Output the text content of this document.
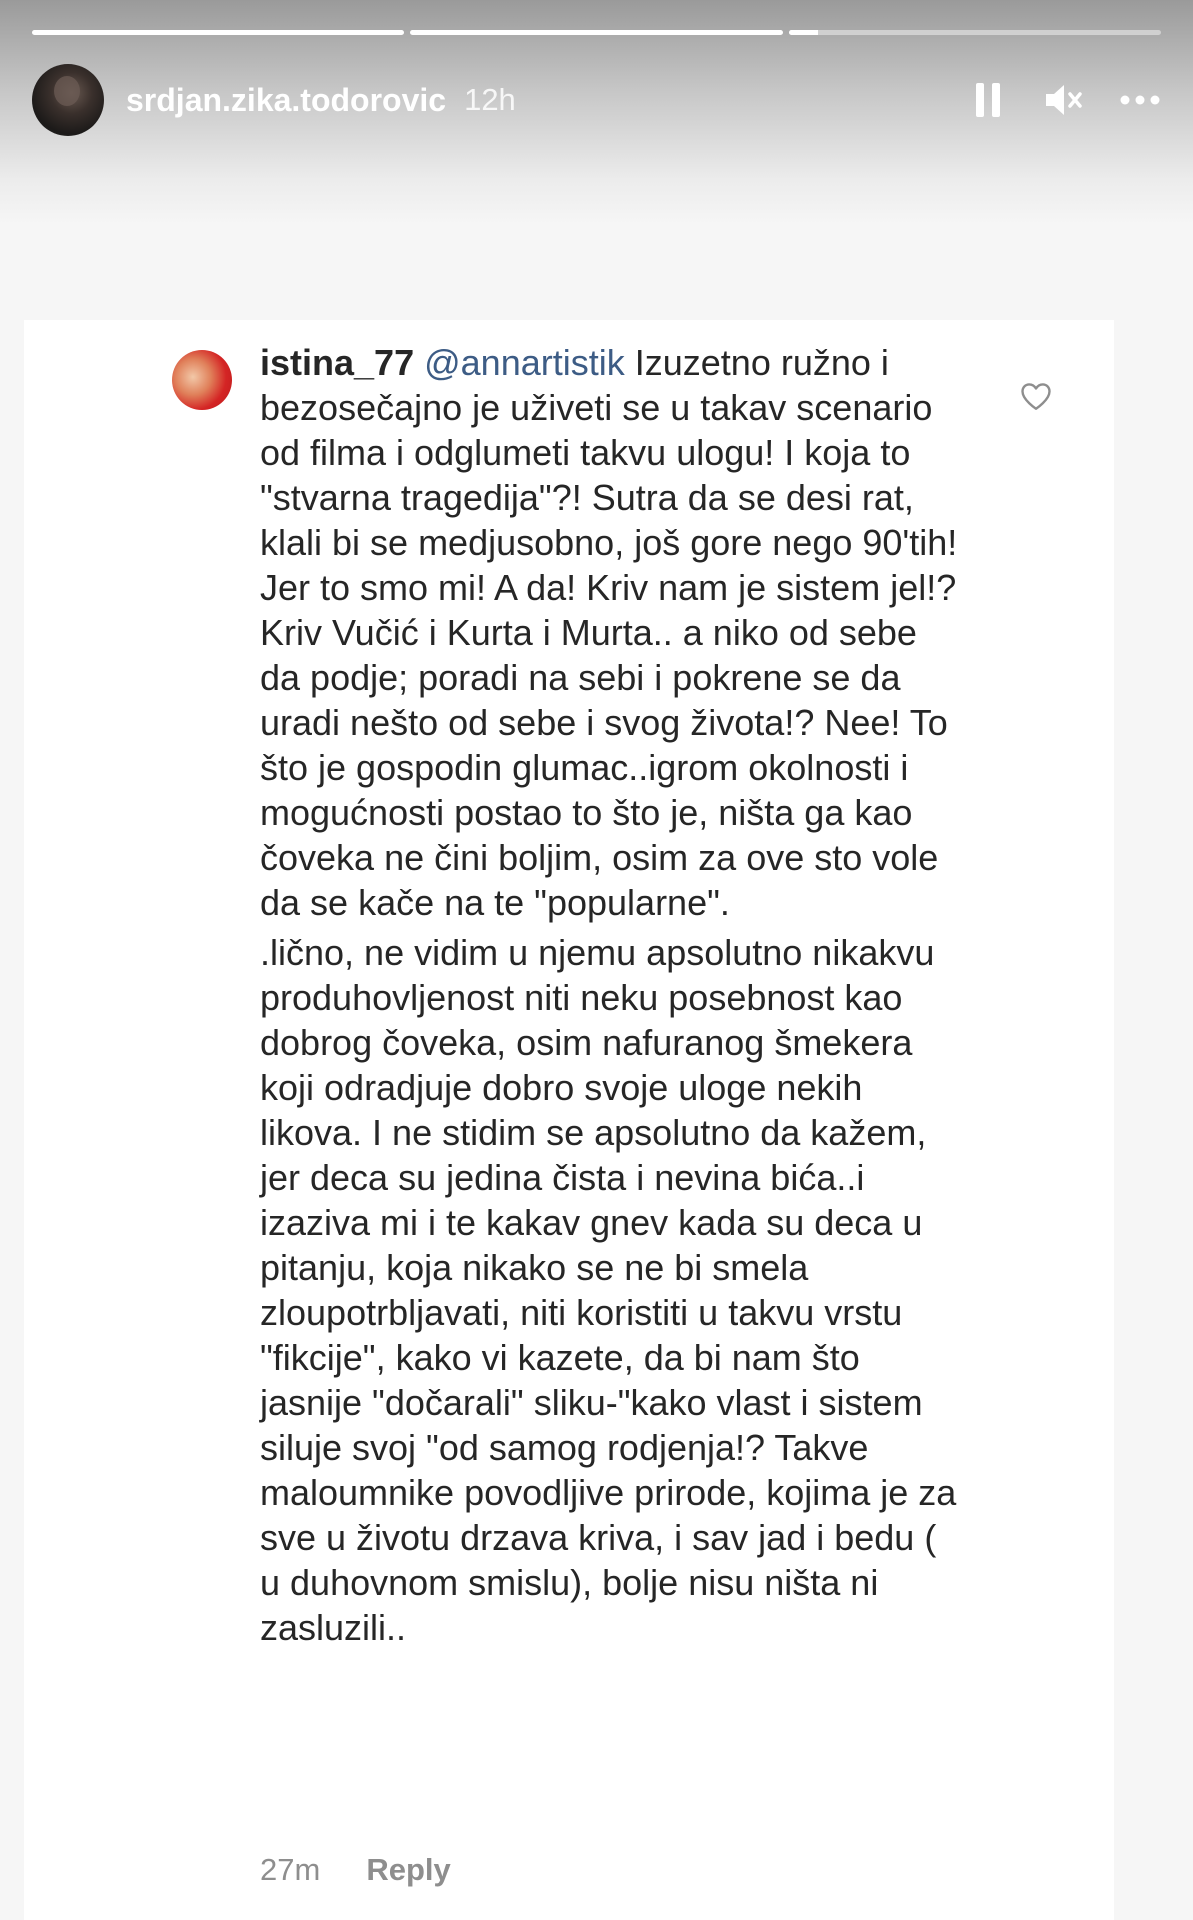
srdjan.zika.todorovic 12h

istina_77 @annartistik Izuzetno ružno i bezosečajno je uživeti se u takav scenario od filma i odglumeti takvu ulogu! I koja to "stvarna tragedija"?! Sutra da se desi rat, klali bi se medjusobno, još gore nego 90'tih! Jer to smo mi! A da! Kriv nam je sistem jel!? Kriv Vučić i Kurta i Murta.. a niko od sebe da podje; poradi na sebi i pokrene se da uradi nešto od sebe i svog života!? Nee! To što je gospodin glumac..igrom okolnosti i mogućnosti postao to što je, ništa ga kao čoveka ne čini boljim, osim za ove sto vole da se kače na te "popularne".

.lično, ne vidim u njemu apsolutno nikakvu produhovljenost niti neku posebnost kao dobrog čoveka, osim nafuranog šmekera koji odradjuje dobro svoje uloge nekih likova. I ne stidim se apsolutno da kažem, jer deca su jedina čista i nevina bića..i izaziva mi i te kakav gnev kada su deca u pitanju, koja nikako se ne bi smela zloupotrbljavati, niti koristiti u takvu vrstu "fikcije", kako vi kazete, da bi nam što jasnije "dočarali" sliku-"kako vlast i sistem siluje svoj "od samog rodjenja!? Takve maloumnike povodljive prirode, kojima je za sve u životu drzava kriva, i sav jad i bedu ( u duhovnom smislu), bolje nisu ništa ni zasluzili..

27m Reply
